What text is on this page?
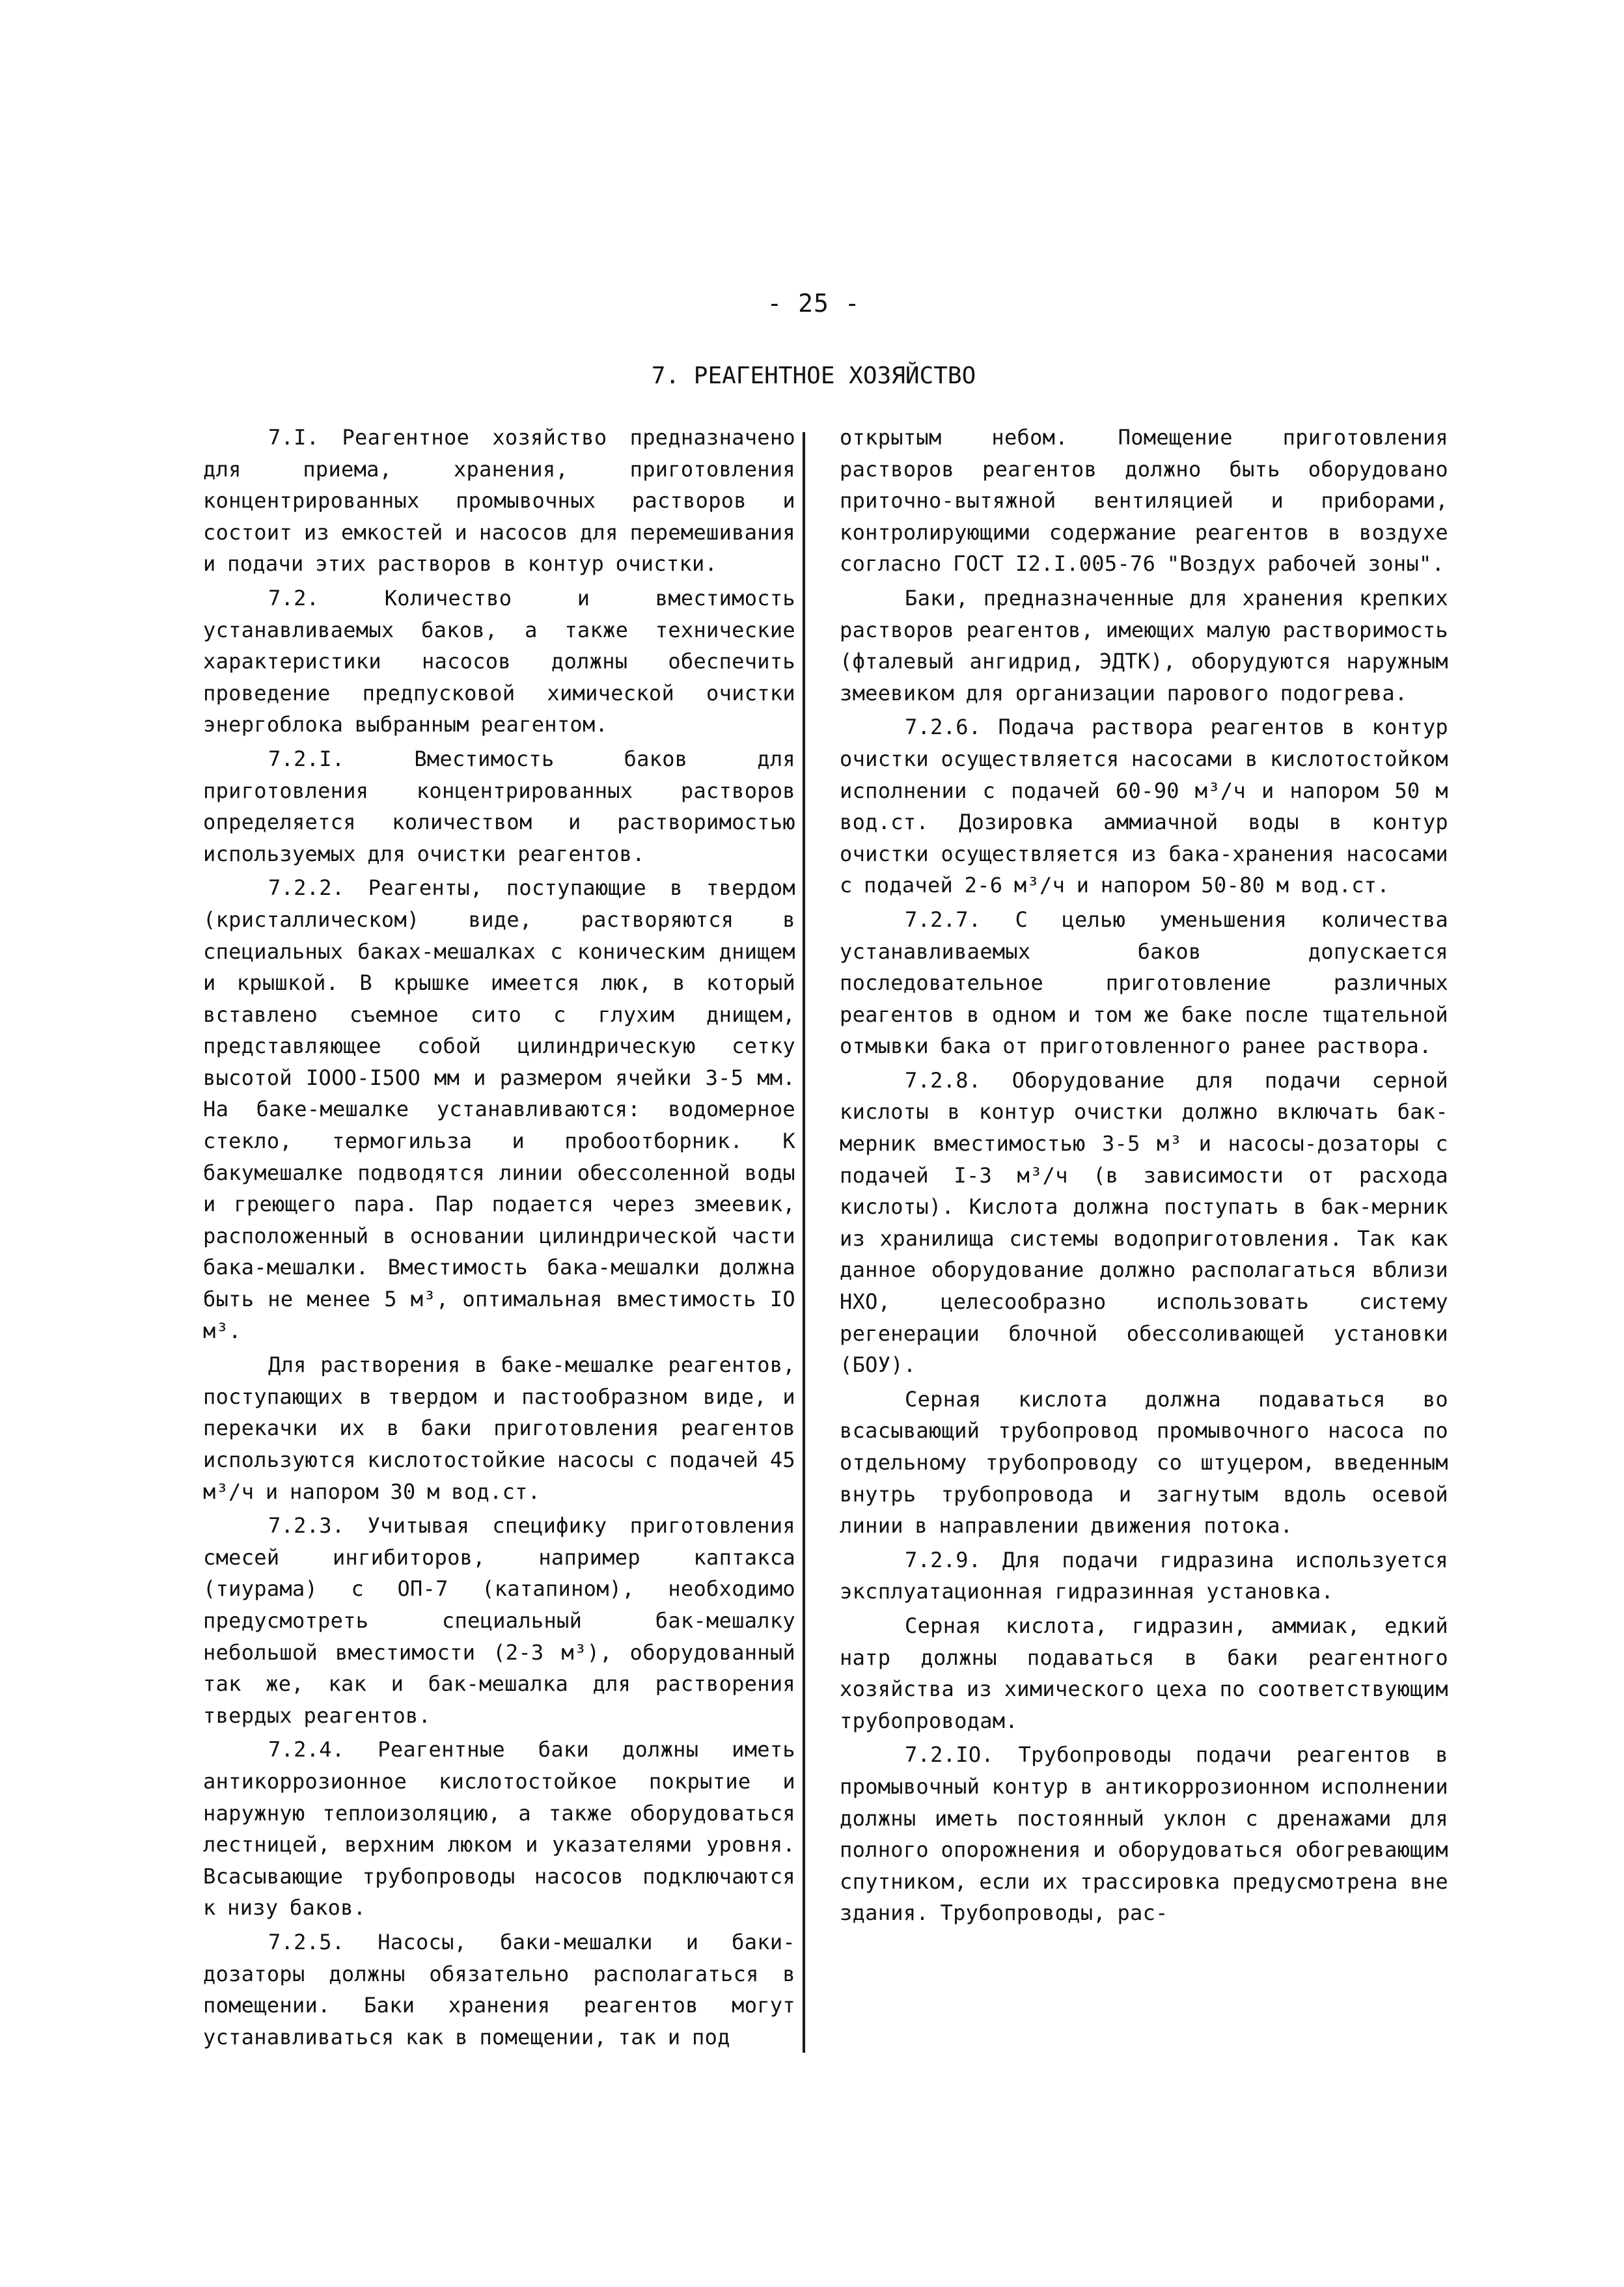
- 25 -
7. РЕАГЕНТНОЕ ХОЗЯЙСТВО

7.I. Реагентное хозяйство предназначено для приема, хранения, приготовления концентрированных промывочных растворов и состоит из емкостей и насосов для перемешивания и подачи этих растворов в контур очистки.

7.2. Количество и вместимость устанавливаемых баков, а также технические характеристики насосов должны обеспечить проведение предпусковой химической очистки энергоблока выбранным реагентом.

7.2.I. Вместимость баков для приготовления концентрированных растворов определяется количеством и растворимостью используемых для очистки реагентов.

7.2.2. Реагенты, поступающие в твердом (кристаллическом) виде, растворяются в специальных баках-мешалках с коническим днищем и крышкой. В крышке имеется люк, в который вставлено съемное сито с глухим днищем, представляющее собой цилиндрическую сетку высотой IOOO-I5OO мм и размером ячейки 3-5 мм. На баке-мешалке устанавливаются: водомерное стекло, термогильза и пробоотборник. К бакумешалке подводятся линии обессоленной воды и греющего пара. Пар подается через змеевик, расположенный в основании цилиндрической части бака-мешалки. Вместимость бака-мешалки должна быть не менее 5 м³, оптимальная вместимость IO м³.

Для растворения в баке-мешалке реагентов, поступающих в твердом и пастообразном виде, и перекачки их в баки приготовления реагентов используются кислотостойкие насосы с подачей 45 м³/ч и напором 30 м вод.ст.

7.2.3. Учитывая специфику приготовления смесей ингибиторов, например каптакса (тиурама) с ОП-7 (катапином), необходимо предусмотреть специальный бак-мешалку небольшой вместимости (2-3 м³), оборудованный так же, как и бак-мешалка для растворения твердых реагентов.

7.2.4. Реагентные баки должны иметь антикоррозионное кислотостойкое покрытие и наружную теплоизоляцию, а также оборудоваться лестницей, верхним люком и указателями уровня. Всасывающие трубопроводы насосов подключаются к низу баков.

7.2.5. Насосы, баки-мешалки и баки-дозаторы должны обязательно располагаться в помещении. Баки хранения реагентов могут устанавливаться как в помещении, так и под

открытым небом. Помещение приготовления растворов реагентов должно быть оборудовано приточно-вытяжной вентиляцией и приборами, контролирующими содержание реагентов в воздухе согласно ГОСТ I2.I.005-76 "Воздух рабочей зоны".

Баки, предназначенные для хранения крепких растворов реагентов, имеющих малую растворимость (фталевый ангидрид, ЭДТК), оборудуются наружным змеевиком для организации парового подогрева.

7.2.6. Подача раствора реагентов в контур очистки осуществляется насосами в кислотостойком исполнении с подачей 60-90 м³/ч и напором 50 м вод.ст. Дозировка аммиачной воды в контур очистки осуществляется из бака-хранения насосами с подачей 2-6 м³/ч и напором 50-80 м вод.ст.

7.2.7. С целью уменьшения количества устанавливаемых баков допускается последовательное приготовление различных реагентов в одном и том же баке после тщательной отмывки бака от приготовленного ранее раствора.

7.2.8. Оборудование для подачи серной кислоты в контур очистки должно включать бак-мерник вместимостью 3-5 м³ и насосы-дозаторы с подачей I-3 м³/ч (в зависимости от расхода кислоты). Кислота должна поступать в бак-мерник из хранилища системы водоприготовления. Так как данное оборудование должно располагаться вблизи НХО, целесообразно использовать систему регенерации блочной обессоливающей установки (БОУ).

Серная кислота должна подаваться во всасывающий трубопровод промывочного насоса по отдельному трубопроводу со штуцером, введенным внутрь трубопровода и загнутым вдоль осевой линии в направлении движения потока.

7.2.9. Для подачи гидразина используется эксплуатационная гидразинная установка.

Серная кислота, гидразин, аммиак, едкий натр должны подаваться в баки реагентного хозяйства из химического цеха по соответствующим трубопроводам.

7.2.IO. Трубопроводы подачи реагентов в промывочный контур в антикоррозионном исполнении должны иметь постоянный уклон с дренажами для полного опорожнения и оборудоваться обогревающим спутником, если их трассировка предусмотрена вне здания. Трубопроводы, рас-
